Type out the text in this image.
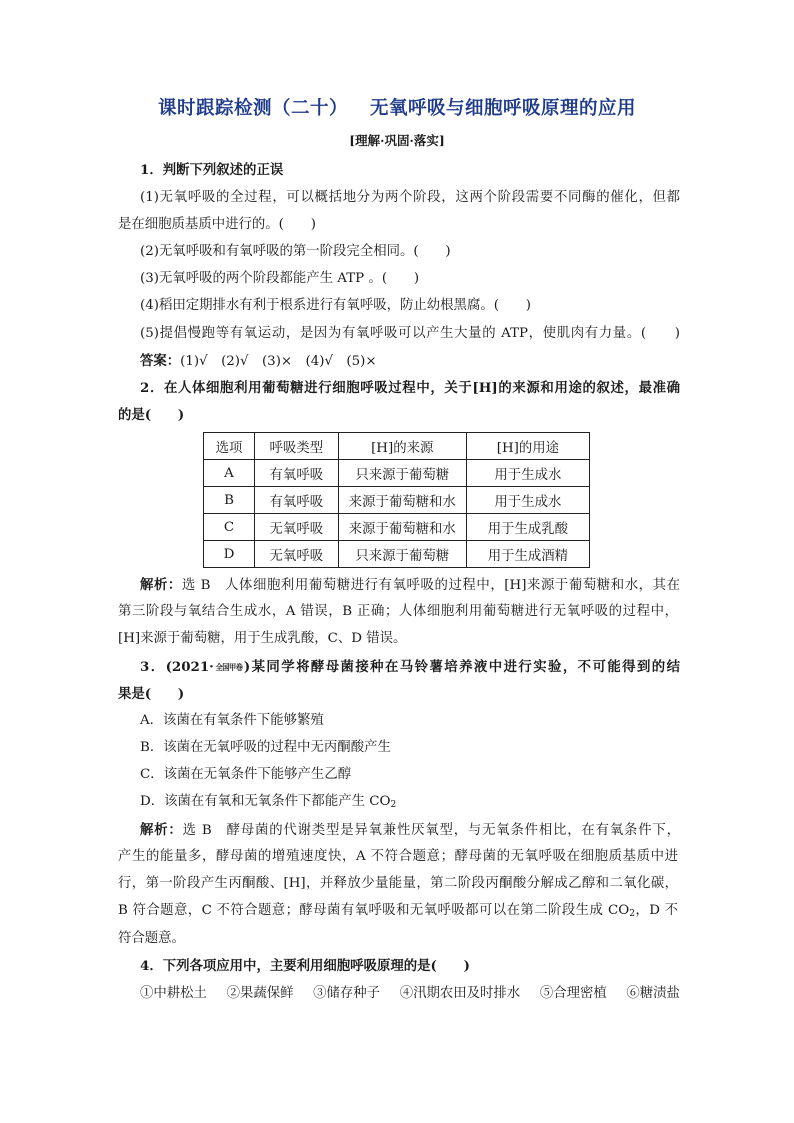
课时跟踪检测（二十） 无氧呼吸与细胞呼吸原理的应用
[理解·巩固·落实]
1．判断下列叙述的正误
(1)无氧呼吸的全过程，可以概括地分为两个阶段，这两个阶段需要不同酶的催化，但都
是在细胞质基质中进行的。(　　)
(2)无氧呼吸和有氧呼吸的第一阶段完全相同。(　　)
(3)无氧呼吸的两个阶段都能产生 ATP 。(　　)
(4)稻田定期排水有利于根系进行有氧呼吸，防止幼根黑腐。(　　)
(5)提倡慢跑等有氧运动，是因为有氧呼吸可以产生大量的 ATP，使肌肉有力量。(　　)
答案：(1)√　(2)√　(3)×　(4)√　(5)×
2．在人体细胞利用葡萄糖进行细胞呼吸过程中，关于[H]的来源和用途的叙述，最准确
的是(　　)
选项	呼吸类型	[H]的来源	[H]的用途
A	有氧呼吸	只来源于葡萄糖	用于生成水
B	有氧呼吸	来源于葡萄糖和水	用于生成水
C	无氧呼吸	来源于葡萄糖和水	用于生成乳酸
D	无氧呼吸	只来源于葡萄糖	用于生成酒精
解析：选 B　人体细胞利用葡萄糖进行有氧呼吸的过程中，[H]来源于葡萄糖和水，其在
第三阶段与氧结合生成水，A 错误，B 正确；人体细胞利用葡萄糖进行无氧呼吸的过程中，
[H]来源于葡萄糖，用于生成乳酸，C、D 错误。
3．(2021· 全国甲卷 )某同学将酵母菌接种在马铃薯培养液中进行实验，不可能得到的结
果是(　　)
A．该菌在有氧条件下能够繁殖
B．该菌在无氧呼吸的过程中无丙酮酸产生
C．该菌在无氧条件下能够产生乙醇
D．该菌在有氧和无氧条件下都能产生 $CO_2$
解析：选 B　酵母菌的代谢类型是异氧兼性厌氧型，与无氧条件相比，在有氧条件下，
产生的能量多，酵母菌的增殖速度快，A 不符合题意；酵母菌的无氧呼吸在细胞质基质中进
行，第一阶段产生丙酮酸、[H]，并释放少量能量，第二阶段丙酮酸分解成乙醇和二氧化碳，
B 符合题意，C 不符合题意；酵母菌有氧呼吸和无氧呼吸都可以在第二阶段生成 $CO_2$，D 不
符合题意。
4．下列各项应用中，主要利用细胞呼吸原理的是(　　)
①中耕松土 ②果蔬保鲜 ③储存种子 ④汛期农田及时排水 ⑤合理密植 ⑥糖渍盐
